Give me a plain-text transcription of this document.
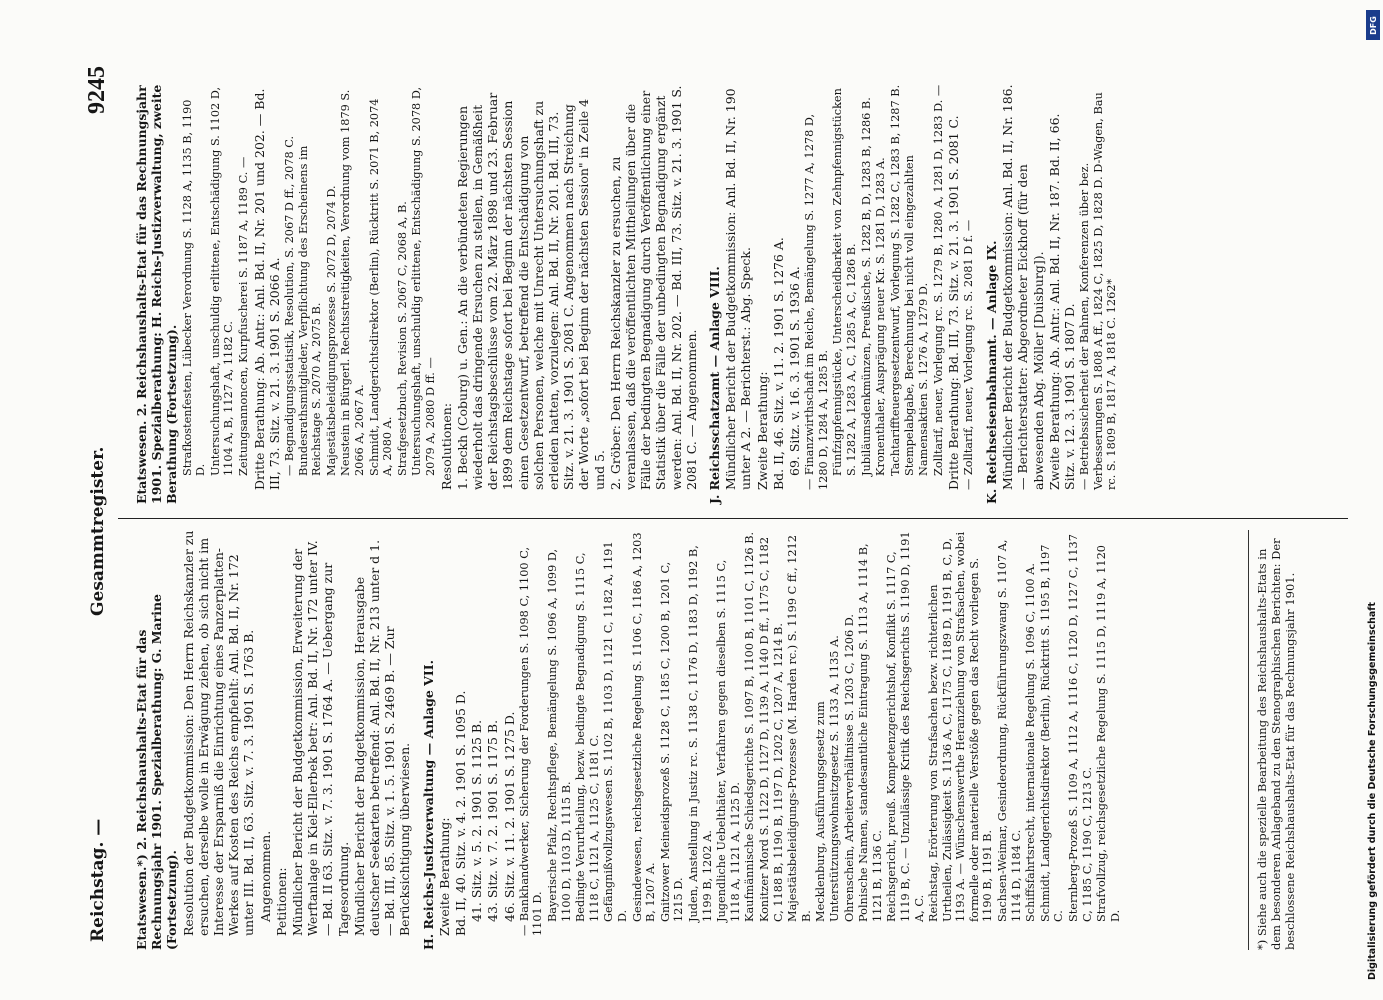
Reichstag. —
Gesammtregister.
9245

Etatswesen.*) 2. Reichshaushalts-Etat für das Rechnungsjahr 1901. Spezialberathung: G. Marine (Fortsetzung). Resolution der Budgetkommission: Den Herrn Reichskanzler zu ersuchen, derselbe wolle in Erwägung ziehen, ob sich nicht im Interesse der Ersparniß die Einrichtung eines Panzerplatten-Werkes auf Kosten des Reichs empfiehlt: Anl. Bd. II, Nr. 172 unter III. Bd. II, 63. Sitz. v. 7. 3. 1901 S. 1763 B. Angenommen. Petitionen: Mündlicher Bericht der Budgetkommission, Erweiterung der Werftanlage in Kiel-Ellerbek betr: Anl. Bd. II, Nr. 172 unter IV. — Bd. II 63. Sitz. v. 7. 3. 1901 S. 1764 A. — Uebergang zur Tagesordnung. Mündlicher Bericht der Budgetkommission, Herausgabe deutscher Seekarten betreffend: Anl. Bd. II, Nr. 213 unter d 1. — Bd. III, 85. Sitz. v. 1. 5. 1901 S. 2469 B. — Zur Berücksichtigung überwiesen. H. Reichs-Justizverwaltung — Anlage VII. Zweite Berathung: Bd. II, 40. Sitz. v. 4. 2. 1901 S. 1095 D. 41. Sitz. v. 5. 2. 1901 S. 1125 B. 43. Sitz. v. 7. 2. 1901 S. 1175 B. 46. Sitz. v. 11. 2. 1901 S. 1275 D. — Bankhandwerker, Sicherung der Forderungen S. 1098 C, 1100 C, 1101 D. Bayerische Pfalz, Rechtspflege, Bemängelung S. 1096 A, 1099 D, 1100 D, 1103 D, 1115 B. Bedingte Verurtheilung, bezw. bedingte Begnadigung S. 1115 C, 1118 C, 1121 A, 1125 C, 1181 C. Gefängnißvollzugswesen S. 1102 B, 1103 D, 1121 C, 1182 A, 1191 D. Gesindewesen, reichsgesetzliche Regelung S. 1106 C, 1186 A, 1203 B, 1207 A. Gnitzower Meineidsprozeß S. 1128 C, 1185 C, 1200 B, 1201 C, 1215 D. Juden, Anstellung in Justiz rc. S. 1138 C, 1176 D, 1183 D, 1192 B, 1199 B, 1202 A. Jugendliche Uebelthäter, Verfahren gegen dieselben S. 1115 C, 1118 A, 1121 A, 1125 D. Kaufmännische Schiedsgerichte S. 1097 B, 1100 B, 1101 C, 1126 B. Konitzer Mord S. 1122 D, 1127 D, 1139 A, 1140 D ff., 1175 C, 1182 C, 1188 B, 1190 B, 1197 D, 1202 C, 1207 A, 1214 B. Majestätsbeleidigungs-Prozesse (M. Harden rc.) S. 1199 C ff., 1212 B. Mecklenburg, Ausführungsgesetz zum Unterstützungswohnsitzgesetz S. 1133 A, 1135 A. Ohrenschein, Arbeiterverhältnisse S. 1203 C, 1206 D. Polnische Namen, standesamtliche Eintragung S. 1113 A, 1114 B, 1121 B, 1136 C. Reichsgericht, preuß. Kompetenzgerichtshof, Konflikt S. 1117 C, 1119 B, C. — Unzulässige Kritik des Reichsgerichts S. 1190 D, 1191 A, C. Reichstag, Erörterung von Strafsachen bezw. richterlichen Urtheilen, Zulässigkeit S. 1136 A, C, 1175 C, 1189 D, 1191 B, C, D, 1193 A. — Wünschenswerthe Heranziehung von Strafsachen, wobei formelle oder materielle Verstöße gegen das Recht vorliegen S. 1190 B, 1191 B. Sachsen-Weimar, Gesindeordnung, Rückführungszwang S. 1107 A, 1114 D, 1184 C. Schiffsfahrtsrecht, internationale Regelung S. 1096 C, 1100 A. Schmidt, Landgerichtsdirektor (Berlin), Rücktritt S. 1195 B, 1197 C. Sternberg-Prozeß S. 1109 A, 1112 A, 1116 C, 1120 D, 1127 C, 1137 C, 1185 C, 1190 C, 1213 C. Strafvollzug, reichsgesetzliche Regelung S. 1115 D, 1119 A, 1120 D.

Etatswesen. 2. Reichshaushalts-Etat für das Rechnungsjahr 1901. Spezialberathung: H. Reichs-Justizverwaltung, zweite Berathung (Fortsetzung). Strafkostenfesten, Lübecker Verordnung S. 1128 A, 1135 B, 1190 D. Untersuchungshaft, unschuldig erlittene, Entschädigung S. 1102 D, 1104 A, B, 1127 A, 1182 C. Zeitungsannoncen, Kurpfuscherei S. 1187 A, 1189 C. — Dritte Berathung: Ab. Antr.: Anl. Bd. II, Nr. 201 und 202. — Bd. III, 73. Sitz. v. 21. 3. 1901 S. 2066 A. — Begnadigungsstatistik, Resolution, S. 2067 D ff., 2078 C. Bundesrathsmitglieder, Verpflichtung des Erscheinens im Reichstage S. 2070 A, 2075 B. Majestätsbeleidigungsprozesse S. 2072 D, 2074 D. Neustein in Bürgerl. Rechtsstreitigkeiten, Verordnung vom 1879 S. 2066 A, 2067 A. Schmidt, Landgerichtsdirektor (Berlin), Rücktritt S. 2071 B, 2074 A, 2080 A. Strafgesetzbuch, Revision S. 2067 C, 2068 A, B. Untersuchungshaft, unschuldig erlittene, Entschädigung S. 2078 D, 2079 A, 2080 D ff. — Resolutionen: 1. Beckh (Coburg) u. Gen.: An die verbündeten Regierungen wiederholt das dringende Ersuchen zu stellen, in Gemäßheit der Reichstagsbeschlüsse vom 22. März 1898 und 23. Februar 1899 dem Reichstage sofort bei Beginn der nächsten Session einen Gesetzentwurf, betreffend die Entschädigung von solchen Personen, welche mit Unrecht Untersuchungshaft zu erleiden hatten, vorzulegen: Anl. Bd. II, Nr. 201. Bd. III, 73. Sitz. v. 21. 3. 1901 S. 2081 C. Angenommen nach Streichung der Worte „sofort bei Beginn der nächsten Session" in Zeile 4 und 5. 2. Gröber: Den Herrn Reichskanzler zu ersuchen, zu veranlassen, daß die veröffentlichten Mittheilungen über die Fälle der bedingten Begnadigung durch Veröffentlichung einer Statistik über die Fälle der unbedingten Begnadigung ergänzt werden: Anl. Bd. II, Nr. 202. — Bd. III, 73. Sitz. v. 21. 3. 1901 S. 2081 C. — Angenommen. J. Reichsschatzamt — Anlage VIII. Mündlicher Bericht der Budgetkommission: Anl. Bd. II, Nr. 190 unter A 2. — Berichterst.: Abg. Speck. Zweite Berathung: Bd. II, 46. Sitz. v. 11. 2. 1901 S. 1276 A. 69. Sitz. v. 16. 3. 1901 S. 1936 A. — Finanzwirthschaft im Reiche, Bemängelung S. 1277 A, 1278 D, 1280 D, 1284 A, 1285 B. Fünfzigpfennigstücke, Unterscheidbarkeit von Zehnpfennigstücken S. 1282 A, 1283 A, C, 1285 A, C, 1286 B. Jubiläumsdenkmünzen, Preußische, S. 1282 B, D, 1283 B, 1286 B. Kronenthaler, Ausprägung neuer Kr. S. 1281 D, 1283 A. Tachtariffteuergesetzentwurf, Vorlegung S. 1282 C, 1283 B, 1287 B. Stempelabgabe, Berechnung bei nicht voll eingezahlten Namensaktien S. 1276 A, 1279 D. Zolltarif, neuer, Vorlegung rc. S. 1279 B, 1280 A, 1281 D, 1283 D. — Dritte Berathung: Bd. III, 73. Sitz. v. 21. 3. 1901 S. 2081 C. — Zolltarif, neuer, Vorlegung rc. S. 2081 D f. — K. Reichseisenbahnamt. — Anlage IX. Mündlicher Bericht der Budgetkommission: Anl. Bd. II, Nr. 186. — Berichterstatter: Abgeordneter Eickhoff (für den abwesenden Abg. Möller [Duisburg]). Zweite Berathung: Ab. Antr.: Anl. Bd. II, Nr. 187. Bd. II, 66. Sitz. v. 12. 3. 1901 S. 1807 D. — Betriebssicherheit der Bahnen, Konferenzen über bez. Verbesserungen S. 1808 A ff., 1824 C, 1825 D, 1828 D. D-Wagen, Bau rc. S. 1809 B, 1817 A, 1818 C. 1262*

*) Siehe auch die spezielle Bearbeitung des Reichshaushalts-Etats in dem besonderen Anlageband zu den Stenographischen Berichten: Der beschlossene Reichshaushalts-Etat für das Rechnungsjahr 1901.
DFG
Digitalisierung gefördert durch die Deutsche Forschungsgemeinschaft
